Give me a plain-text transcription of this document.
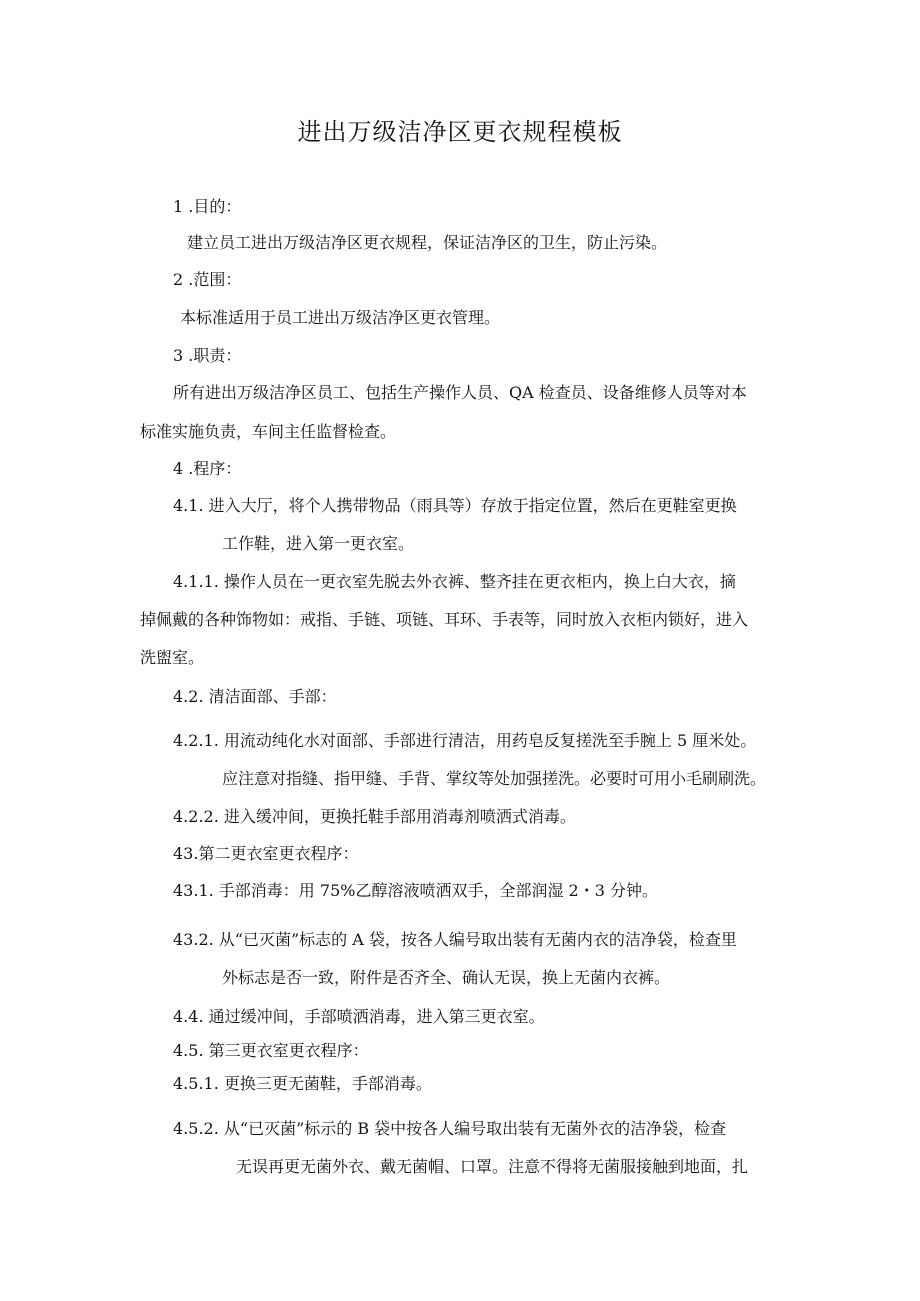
进出万级洁净区更衣规程模板
1 .目的：
建立员工进出万级洁净区更衣规程，保证洁净区的卫生，防止污染。
2 .范围：
本标准适用于员工进出万级洁净区更衣管理。
3 .职责：
所有进出万级洁净区员工、包括生产操作人员、QA 检查员、设备维修人员等对本
标准实施负责，车间主任监督检查。
4 .程序：
4.1. 进入大厅，将个人携带物品（雨具等）存放于指定位置，然后在更鞋室更换
工作鞋，进入第一更衣室。
4.1.1. 操作人员在一更衣室先脱去外衣裤、整齐挂在更衣柜内，换上白大衣，摘
掉佩戴的各种饰物如：戒指、手链、项链、耳环、手表等，同时放入衣柜内锁好，进入
洗盥室。
4.2. 清洁面部、手部：
4.2.1. 用流动纯化水对面部、手部进行清洁，用药皂反复搓洗至手腕上 5 厘米处。
应注意对指缝、指甲缝、手背、掌纹等处加强搓洗。必要时可用小毛刷刷洗。
4.2.2. 进入缓冲间，更换托鞋手部用消毒剂喷洒式消毒。
43.第二更衣室更衣程序：
43.1. 手部消毒：用 75%乙醇溶液喷洒双手，全部润湿 2・3 分钟。
43.2. 从“已灭菌”标志的 A 袋，按各人编号取出装有无菌内衣的洁净袋，检查里
外标志是否一致，附件是否齐全、确认无误，换上无菌内衣裤。
4.4. 通过缓冲间，手部喷洒消毒，进入第三更衣室。
4.5. 第三更衣室更衣程序：
4.5.1. 更换三更无菌鞋，手部消毒。
4.5.2. 从“已灭菌”标示的 B 袋中按各人编号取出装有无菌外衣的洁净袋，检查
无误再更无菌外衣、戴无菌帽、口罩。注意不得将无菌服接触到地面，扎
